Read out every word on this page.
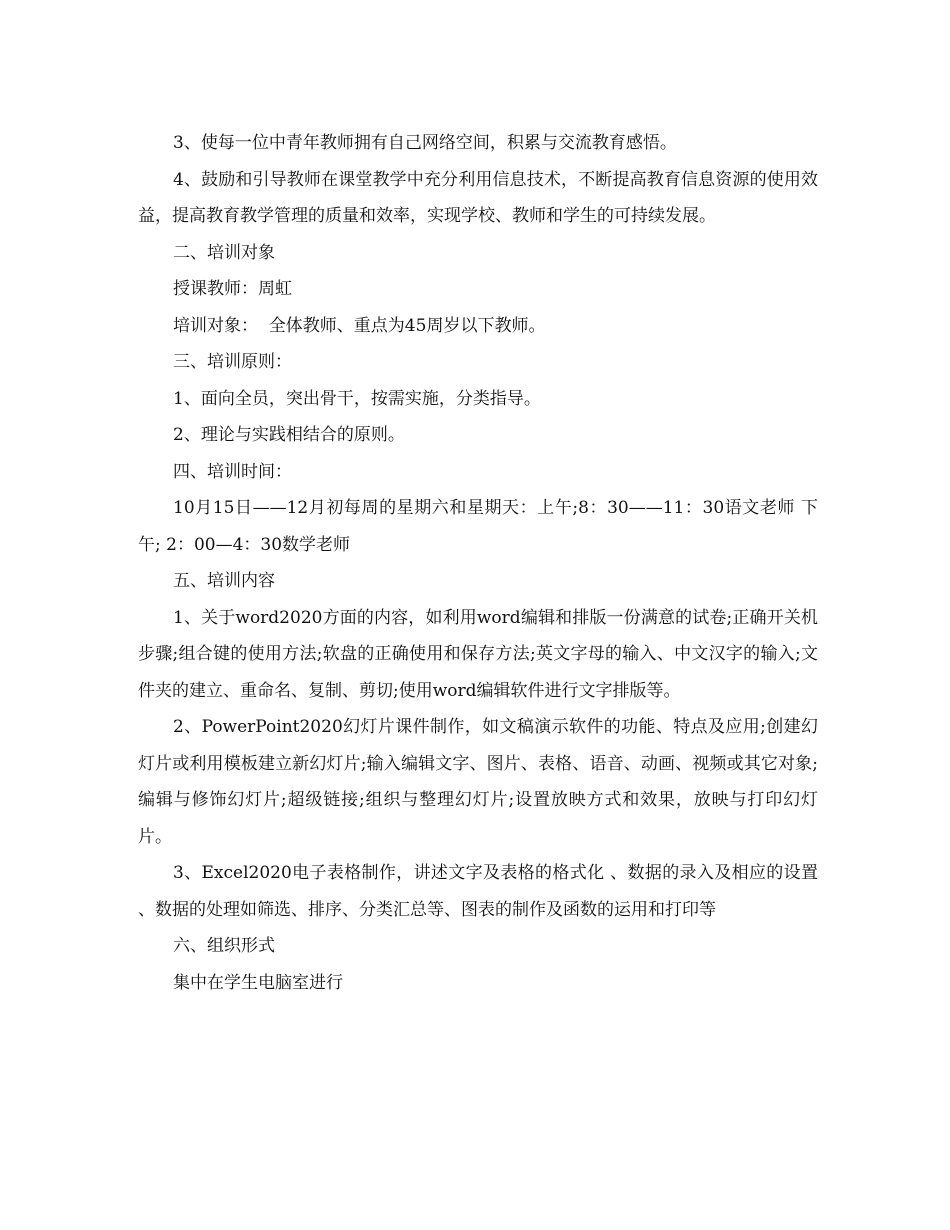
3、使每一位中青年教师拥有自己网络空间，积累与交流教育感悟。

4、鼓励和引导教师在课堂教学中充分利用信息技术，不断提高教育信息资源的使用效益，提高教育教学管理的质量和效率，实现学校、教师和学生的可持续发展。

二、培训对象

授课教师：周虹

培训对象：  全体教师、重点为45周岁以下教师。

三、培训原则：

1、面向全员，突出骨干，按需实施，分类指导。

2、理论与实践相结合的原则。

四、培训时间：

10月15日——12月初每周的星期六和星期天：上午;8：30——11：30语文老师 下午; 2：00—4：30数学老师

五、培训内容

1、关于word2020方面的内容，如利用word编辑和排版一份满意的试卷;正确开关机步骤;组合键的使用方法;软盘的正确使用和保存方法;英文字母的输入、中文汉字的输入;文件夹的建立、重命名、复制、剪切;使用word编辑软件进行文字排版等。

2、PowerPoint2020幻灯片课件制作，如文稿演示软件的功能、特点及应用;创建幻灯片或利用模板建立新幻灯片;输入编辑文字、图片、表格、语音、动画、视频或其它对象;编辑与修饰幻灯片;超级链接;组织与整理幻灯片;设置放映方式和效果，放映与打印幻灯片。

3、Excel2020电子表格制作，讲述文字及表格的格式化 、数据的录入及相应的设置 、数据的处理如筛选、排序、分类汇总等、图表的制作及函数的运用和打印等

六、组织形式

集中在学生电脑室进行
